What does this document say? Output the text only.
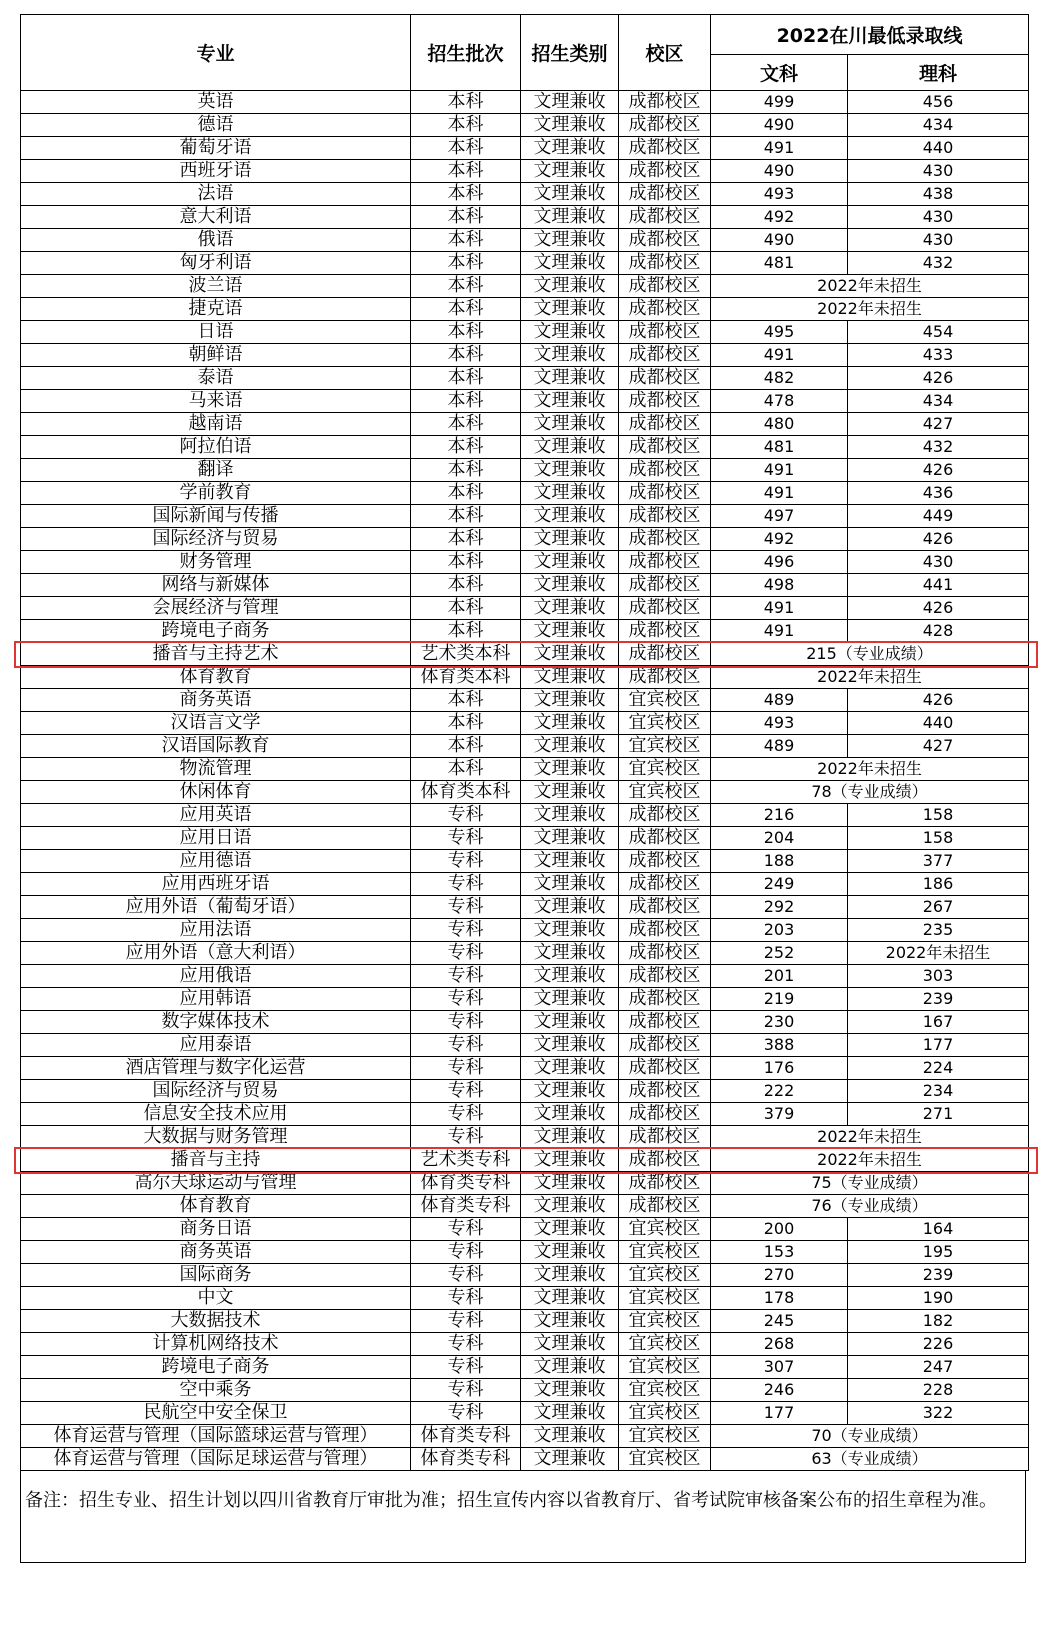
专业	招生批次	招生类别	校区	2022在川最低录取线	
				文科	理科
英语	本科	文理兼收	成都校区	499	456
德语	本科	文理兼收	成都校区	490	434
葡萄牙语	本科	文理兼收	成都校区	491	440
西班牙语	本科	文理兼收	成都校区	490	430
法语	本科	文理兼收	成都校区	493	438
意大利语	本科	文理兼收	成都校区	492	430
俄语	本科	文理兼收	成都校区	490	430
匈牙利语	本科	文理兼收	成都校区	481	432
波兰语	本科	文理兼收	成都校区	2022年未招生	
捷克语	本科	文理兼收	成都校区	2022年未招生	
日语	本科	文理兼收	成都校区	495	454
朝鲜语	本科	文理兼收	成都校区	491	433
泰语	本科	文理兼收	成都校区	482	426
马来语	本科	文理兼收	成都校区	478	434
越南语	本科	文理兼收	成都校区	480	427
阿拉伯语	本科	文理兼收	成都校区	481	432
翻译	本科	文理兼收	成都校区	491	426
学前教育	本科	文理兼收	成都校区	491	436
国际新闻与传播	本科	文理兼收	成都校区	497	449
国际经济与贸易	本科	文理兼收	成都校区	492	426
财务管理	本科	文理兼收	成都校区	496	430
网络与新媒体	本科	文理兼收	成都校区	498	441
会展经济与管理	本科	文理兼收	成都校区	491	426
跨境电子商务	本科	文理兼收	成都校区	491	428
播音与主持艺术	艺术类本科	文理兼收	成都校区	215（专业成绩）	
体育教育	体育类本科	文理兼收	成都校区	2022年未招生	
商务英语	本科	文理兼收	宜宾校区	489	426
汉语言文学	本科	文理兼收	宜宾校区	493	440
汉语国际教育	本科	文理兼收	宜宾校区	489	427
物流管理	本科	文理兼收	宜宾校区	2022年未招生	
休闲体育	体育类本科	文理兼收	宜宾校区	78（专业成绩）	
应用英语	专科	文理兼收	成都校区	216	158
应用日语	专科	文理兼收	成都校区	204	158
应用德语	专科	文理兼收	成都校区	188	377
应用西班牙语	专科	文理兼收	成都校区	249	186
应用外语（葡萄牙语）	专科	文理兼收	成都校区	292	267
应用法语	专科	文理兼收	成都校区	203	235
应用外语（意大利语）	专科	文理兼收	成都校区	252	2022年未招生
应用俄语	专科	文理兼收	成都校区	201	303
应用韩语	专科	文理兼收	成都校区	219	239
数字媒体技术	专科	文理兼收	成都校区	230	167
应用泰语	专科	文理兼收	成都校区	388	177
酒店管理与数字化运营	专科	文理兼收	成都校区	176	224
国际经济与贸易	专科	文理兼收	成都校区	222	234
信息安全技术应用	专科	文理兼收	成都校区	379	271
大数据与财务管理	专科	文理兼收	成都校区	2022年未招生	
播音与主持	艺术类专科	文理兼收	成都校区	2022年未招生	
高尔夫球运动与管理	体育类专科	文理兼收	成都校区	75（专业成绩）	
体育教育	体育类专科	文理兼收	成都校区	76（专业成绩）	
商务日语	专科	文理兼收	宜宾校区	200	164
商务英语	专科	文理兼收	宜宾校区	153	195
国际商务	专科	文理兼收	宜宾校区	270	239
中文	专科	文理兼收	宜宾校区	178	190
大数据技术	专科	文理兼收	宜宾校区	245	182
计算机网络技术	专科	文理兼收	宜宾校区	268	226
跨境电子商务	专科	文理兼收	宜宾校区	307	247
空中乘务	专科	文理兼收	宜宾校区	246	228
民航空中安全保卫	专科	文理兼收	宜宾校区	177	322
体育运营与管理（国际篮球运营与管理）	体育类专科	文理兼收	宜宾校区	70（专业成绩）	
体育运营与管理（国际足球运营与管理）	体育类专科	文理兼收	宜宾校区	63（专业成绩）	
备注：招生专业、招生计划以四川省教育厅审批为准；招生宣传内容以省教育厅、省考试院审核备案公布的招生章程为准。
